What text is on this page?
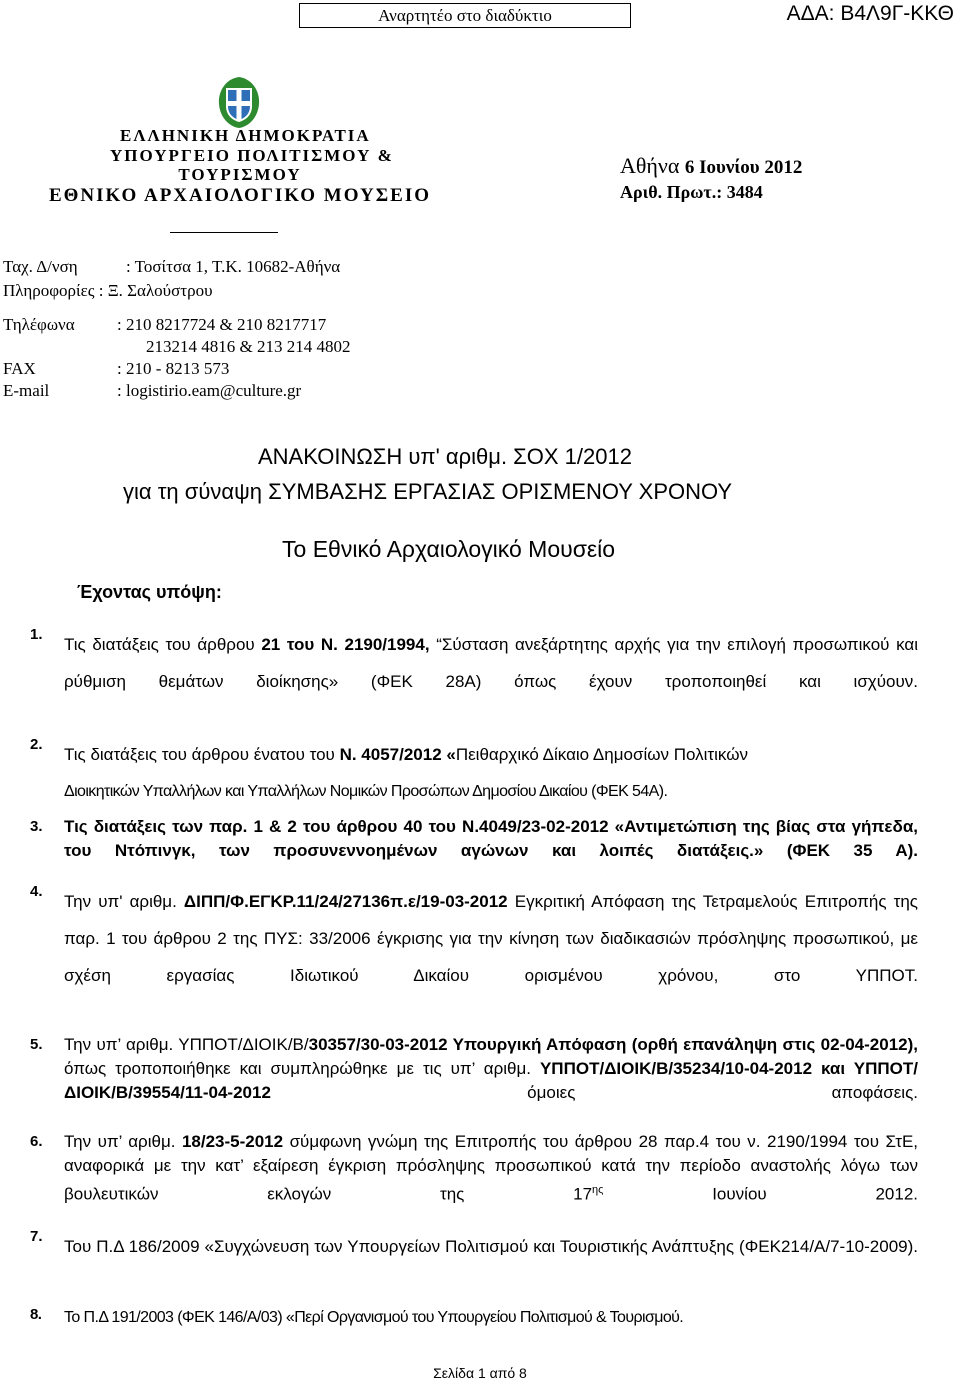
Αναρτητέο στο διαδύκτιο	ΑΔΑ: Β4Λ9Γ-ΚΚΘ
ΕΛΛΗΝΙΚΗ ΔΗΜΟΚΡΑΤΙΑ
ΥΠΟΥΡΓΕΙΟ ΠΟΛΙΤΙΣΜΟΥ &
ΤΟΥΡΙΣΜΟΥ
ΕΘΝΙΚΟ ΑΡΧΑΙΟΛΟΓΙΚΟ ΜΟΥΣΕΙΟ
Αθήνα 6 Ιουνίου 2012
Αριθ. Πρωτ.: 3484
Ταχ. Δ/νση	: Τοσίτσα 1, Τ.Κ. 10682-Αθήνα
Πληροφορίες : Ξ. Σαλούστρου
Τηλέφωνα : 210 8217724 & 210 8217717
213214 4816 & 213 214 4802
FAX	: 210 - 8213 573
E-mail	: logistirio.eam@culture.gr
ΑΝΑΚΟΙΝΩΣΗ υπ' αριθμ. ΣΟΧ 1/2012
για τη σύναψη ΣΥΜΒΑΣΗΣ ΕΡΓΑΣΙΑΣ ΟΡΙΣΜΕΝΟΥ ΧΡΟΝΟΥ
Το Εθνικό Αρχαιολογικό Μουσείο
Έχοντας υπόψη:
1.
Τις διατάξεις του άρθρου 21 του Ν. 2190/1994, “Σύσταση ανεξάρτητης αρχής για την επιλογή προσωπικού και ρύθμιση θεμάτων διοίκησης» (ΦΕΚ 28Α) όπως έχουν τροποποιηθεί και ισχύουν.
2.
Τις διατάξεις του άρθρου ένατου του Ν. 4057/2012 «Πειθαρχικό Δίκαιο Δημοσίων Πολιτικών
Διοικητικών Υπαλλήλων και Υπαλλήλων Νομικών Προσώπων Δημοσίου Δικαίου (ΦΕΚ 54Α).
3. Τις διατάξεις των παρ. 1 & 2 του άρθρου 40 του Ν.4049/23-02-2012 «Αντιμετώπιση της βίας στα γήπεδα, του Ντόπινγκ, των προσυνεννοημένων αγώνων και λοιπές διατάξεις.» (ΦΕΚ 35 Α).
4.
Την υπ' αριθμ. ΔΙΠΠ/Φ.ΕΓΚΡ.11/24/27136π.ε/19-03-2012 Εγκριτική Απόφαση της Τετραμελούς Επιτροπής της παρ. 1 του άρθρου 2 της ΠΥΣ: 33/2006 έγκρισης για την κίνηση των διαδικασιών πρόσληψης προσωπικού, με σχέση εργασίας Ιδιωτικού Δικαίου ορισμένου χρόνου, στο ΥΠΠΟΤ.
5. Την υπ’ αριθμ. ΥΠΠΟΤ/ΔΙΟΙΚ/Β/30357/30-03-2012 Υπουργική Απόφαση (ορθή επανάληψη στις 02-04-2012), όπως τροποποιήθηκε και συμπληρώθηκε με τις υπ’ αριθμ. ΥΠΠΟΤ/ΔΙΟΙΚ/Β/35234/10-04-2012 και ΥΠΠΟΤ/ΔΙΟΙΚ/Β/39554/11-04-2012 όμοιες αποφάσεις.
6. Την υπ’ αριθμ. 18/23-5-2012 σύμφωνη γνώμη της Επιτροπής του άρθρου 28 παρ.4 του ν. 2190/1994 του ΣτΕ, αναφορικά με την κατ’ εξαίρεση έγκριση πρόσληψης προσωπικού κατά την περίοδο αναστολής λόγω των βουλευτικών εκλογών της $17^{\eta\varsigma}$ Ιουνίου 2012.
7.
Του Π.Δ 186/2009 «Συγχώνευση των Υπουργείων Πολιτισμού και Τουριστικής Ανάπτυξης (ΦΕΚ214/Α/7-10-2009).
8. Το Π.Δ 191/2003 (ΦΕΚ 146/Α/03) «Περί Οργανισμού του Υπουργείου Πολιτισμού & Τουρισμού.
Σελίδα 1 από 8
